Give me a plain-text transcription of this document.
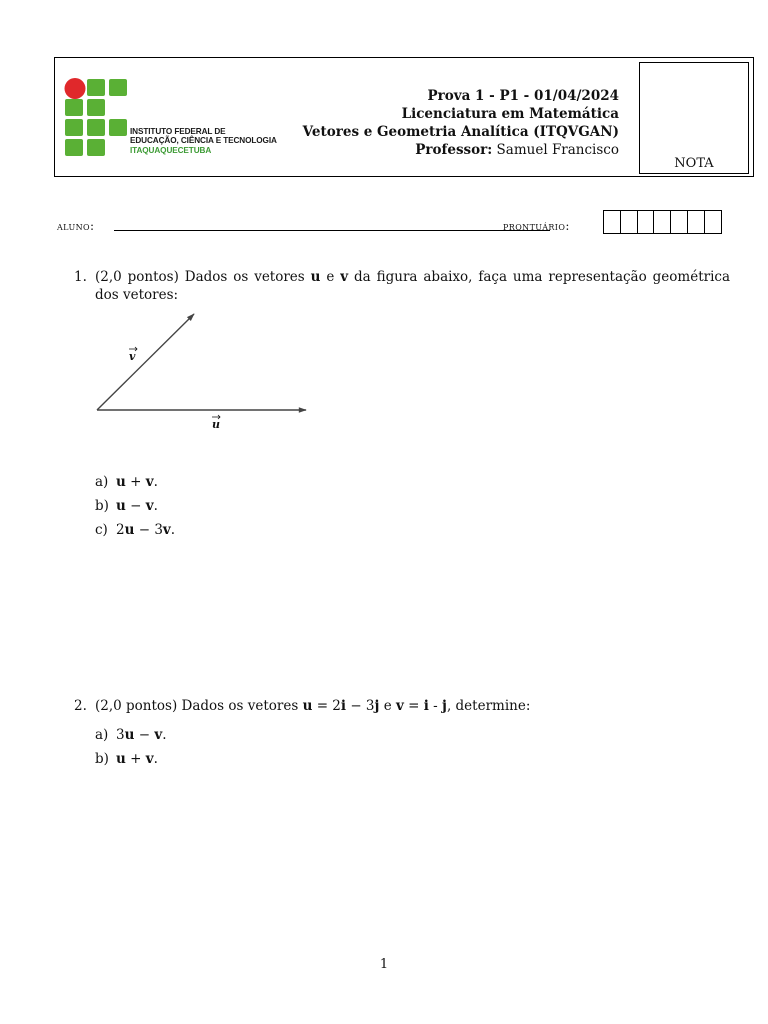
INSTITUTO FEDERAL DE
EDUCAÇÃO, CIÊNCIA E TECNOLOGIA
ITAQUAQUECETUBA
Prova 1 - P1 - 01/04/2024
Licenciatura em Matemática
Vetores e Geometria Analítica (ITQVGAN)
Professor: Samuel Francisco
NOTA
aluno:	prontuário:
1. (2,0 pontos) Dados os vetores u e v da figura abaixo, faça uma representação geométrica dos vetores:
v
u
a) u + v.
b) u − v.
c) 2u − 3v.
2. (2,0 pontos) Dados os vetores u = 2i − 3j e v = i - j, determine:
a) 3u − v.
b) u + v.
1
